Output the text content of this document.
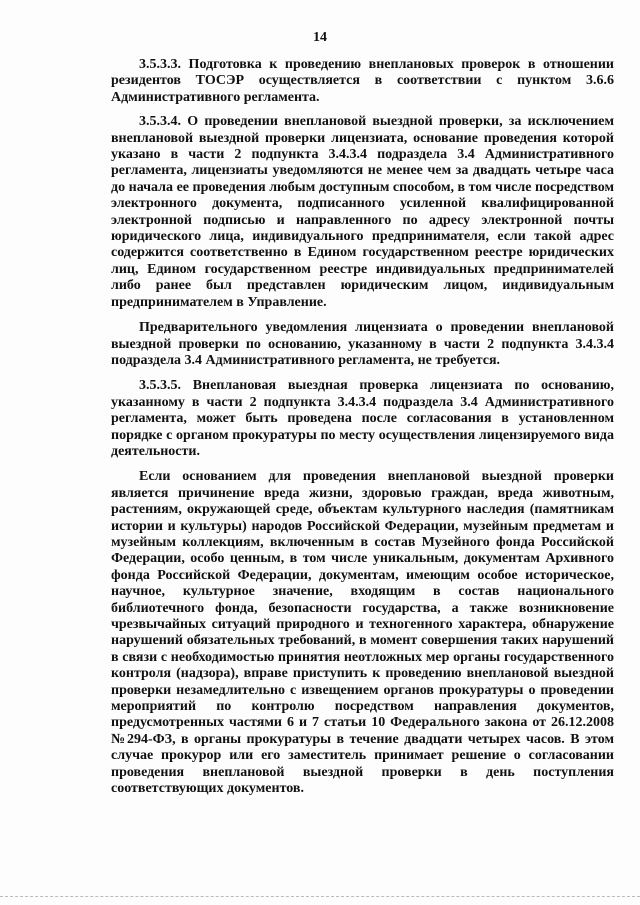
14

3.5.3.3. Подготовка к проведению внеплановых проверок в отношении резидентов ТОСЭР осуществляется в соответствии с пунктом 3.6.6 Административного регламента.

3.5.3.4. О проведении внеплановой выездной проверки, за исключением внеплановой выездной проверки лицензиата, основание проведения которой указано в части 2 подпункта 3.4.3.4 подраздела 3.4 Административного регламента, лицензиаты уведомляются не менее чем за двадцать четыре часа до начала ее проведения любым доступным способом, в том числе посредством электронного документа, подписанного усиленной квалифицированной электронной подписью и направленного по адресу электронной почты юридического лица, индивидуального предпринимателя, если такой адрес содержится соответственно в Едином государственном реестре юридических лиц, Едином государственном реестре индивидуальных предпринимателей либо ранее был представлен юридическим лицом, индивидуальным предпринимателем в Управление.

Предварительного уведомления лицензиата о проведении внеплановой выездной проверки по основанию, указанному в части 2 подпункта 3.4.3.4 подраздела 3.4 Административного регламента, не требуется.

3.5.3.5. Внеплановая выездная проверка лицензиата по основанию, указанному в части 2 подпункта 3.4.3.4 подраздела 3.4 Административного регламента, может быть проведена после согласования в установленном порядке с органом прокуратуры по месту осуществления лицензируемого вида деятельности.

Если основанием для проведения внеплановой выездной проверки является причинение вреда жизни, здоровью граждан, вреда животным, растениям, окружающей среде, объектам культурного наследия (памятникам истории и культуры) народов Российской Федерации, музейным предметам и музейным коллекциям, включенным в состав Музейного фонда Российской Федерации, особо ценным, в том числе уникальным, документам Архивного фонда Российской Федерации, документам, имеющим особое историческое, научное, культурное значение, входящим в состав национального библиотечного фонда, безопасности государства, а также возникновение чрезвычайных ситуаций природного и техногенного характера, обнаружение нарушений обязательных требований, в момент совершения таких нарушений в связи с необходимостью принятия неотложных мер органы государственного контроля (надзора), вправе приступить к проведению внеплановой выездной проверки незамедлительно с извещением органов прокуратуры о проведении мероприятий по контролю посредством направления документов, предусмотренных частями 6 и 7 статьи 10 Федерального закона от 26.12.2008 №294-ФЗ, в органы прокуратуры в течение двадцати четырех часов. В этом случае прокурор или его заместитель принимает решение о согласовании проведения внеплановой выездной проверки в день поступления соответствующих документов.
